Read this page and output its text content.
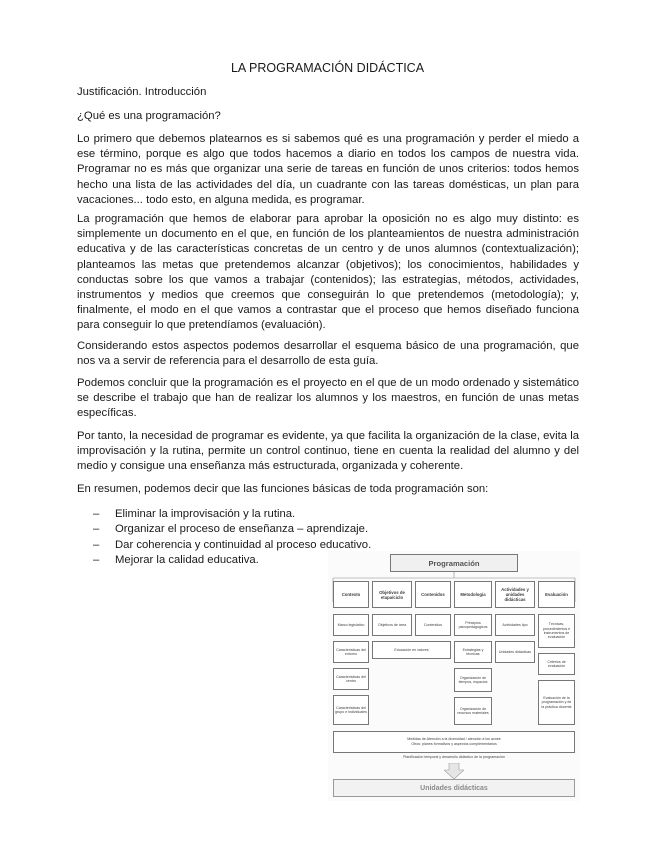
LA PROGRAMACIÓN DIDÁCTICA

Justificación. Introducción

¿Qué es una programación?

Lo primero que debemos platearnos es si sabemos qué es una programación y perder el miedo a ese término, porque es algo que todos hacemos a diario en todos los campos de nuestra vida. Programar no es más que organizar una serie de tareas en función de unos criterios: todos hemos hecho una lista de las actividades del día, un cuadrante con las tareas domésticas, un plan para vacaciones... todo esto, en alguna medida, es programar.

La programación que hemos de elaborar para aprobar la oposición no es algo muy distinto: es simplemente un documento en el que, en función de los planteamientos de nuestra administración educativa y de las características concretas de un centro y de unos alumnos (contextualización); planteamos las metas que pretendemos alcanzar (objetivos); los conocimientos, habilidades y conductas sobre los que vamos a trabajar (contenidos); las estrategias, métodos, actividades, instrumentos y medios que creemos que conseguirán lo que pretendemos (metodología); y, finalmente, el modo en el que vamos a contrastar que el proceso que hemos diseñado funciona para conseguir lo que pretendíamos (evaluación).

Considerando estos aspectos podemos desarrollar el esquema básico de una programación, que nos va a servir de referencia para el desarrollo de esta guía.

Podemos concluir que la programación es el proyecto en el que de un modo ordenado y sistemático se describe el trabajo que han de realizar los alumnos y los maestros, en función de unas metas específicas.

Por tanto, la necesidad de programar es evidente, ya que facilita la organización de la clase, evita la improvisación y la rutina, permite un control continuo, tiene en cuenta la realidad del alumno y del medio y consigue una enseñanza más estructurada, organizada y coherente.

En resumen, podemos decir que las funciones básicas de toda programación son:

– Eliminar la improvisación y la rutina.
– Organizar el proceso de enseñanza – aprendizaje.
– Dar coherencia y continuidad al proceso educativo.
– Mejorar la calidad educativa.	Programación
Contexto	Objetivos de etapa/ciclo	Contenidos	Metodología
Actividades y unidades didácticas
Evaluación
Marco legislativo
Características del entorno
Características del centro
Características del grupo e individuales
Objetivos de área	Contenidos
Educación en valores
Principios psicopedagógicos
Estrategias y técnicas
Organización de tiempos, espacios
Organización de recursos materiales
Actividades tipo
Unidades didácticas
Técnicas, procedimientos e instrumentos de evaluación
Criterios de evaluación
Evaluación de la programación y de la práctica docente
Medidas de Atención a la diversidad / atención a los acnee
Otros: planes formativos y aspectos complementarios
Planificación temporal y desarrollo didáctico de la programación
Unidades didácticas
